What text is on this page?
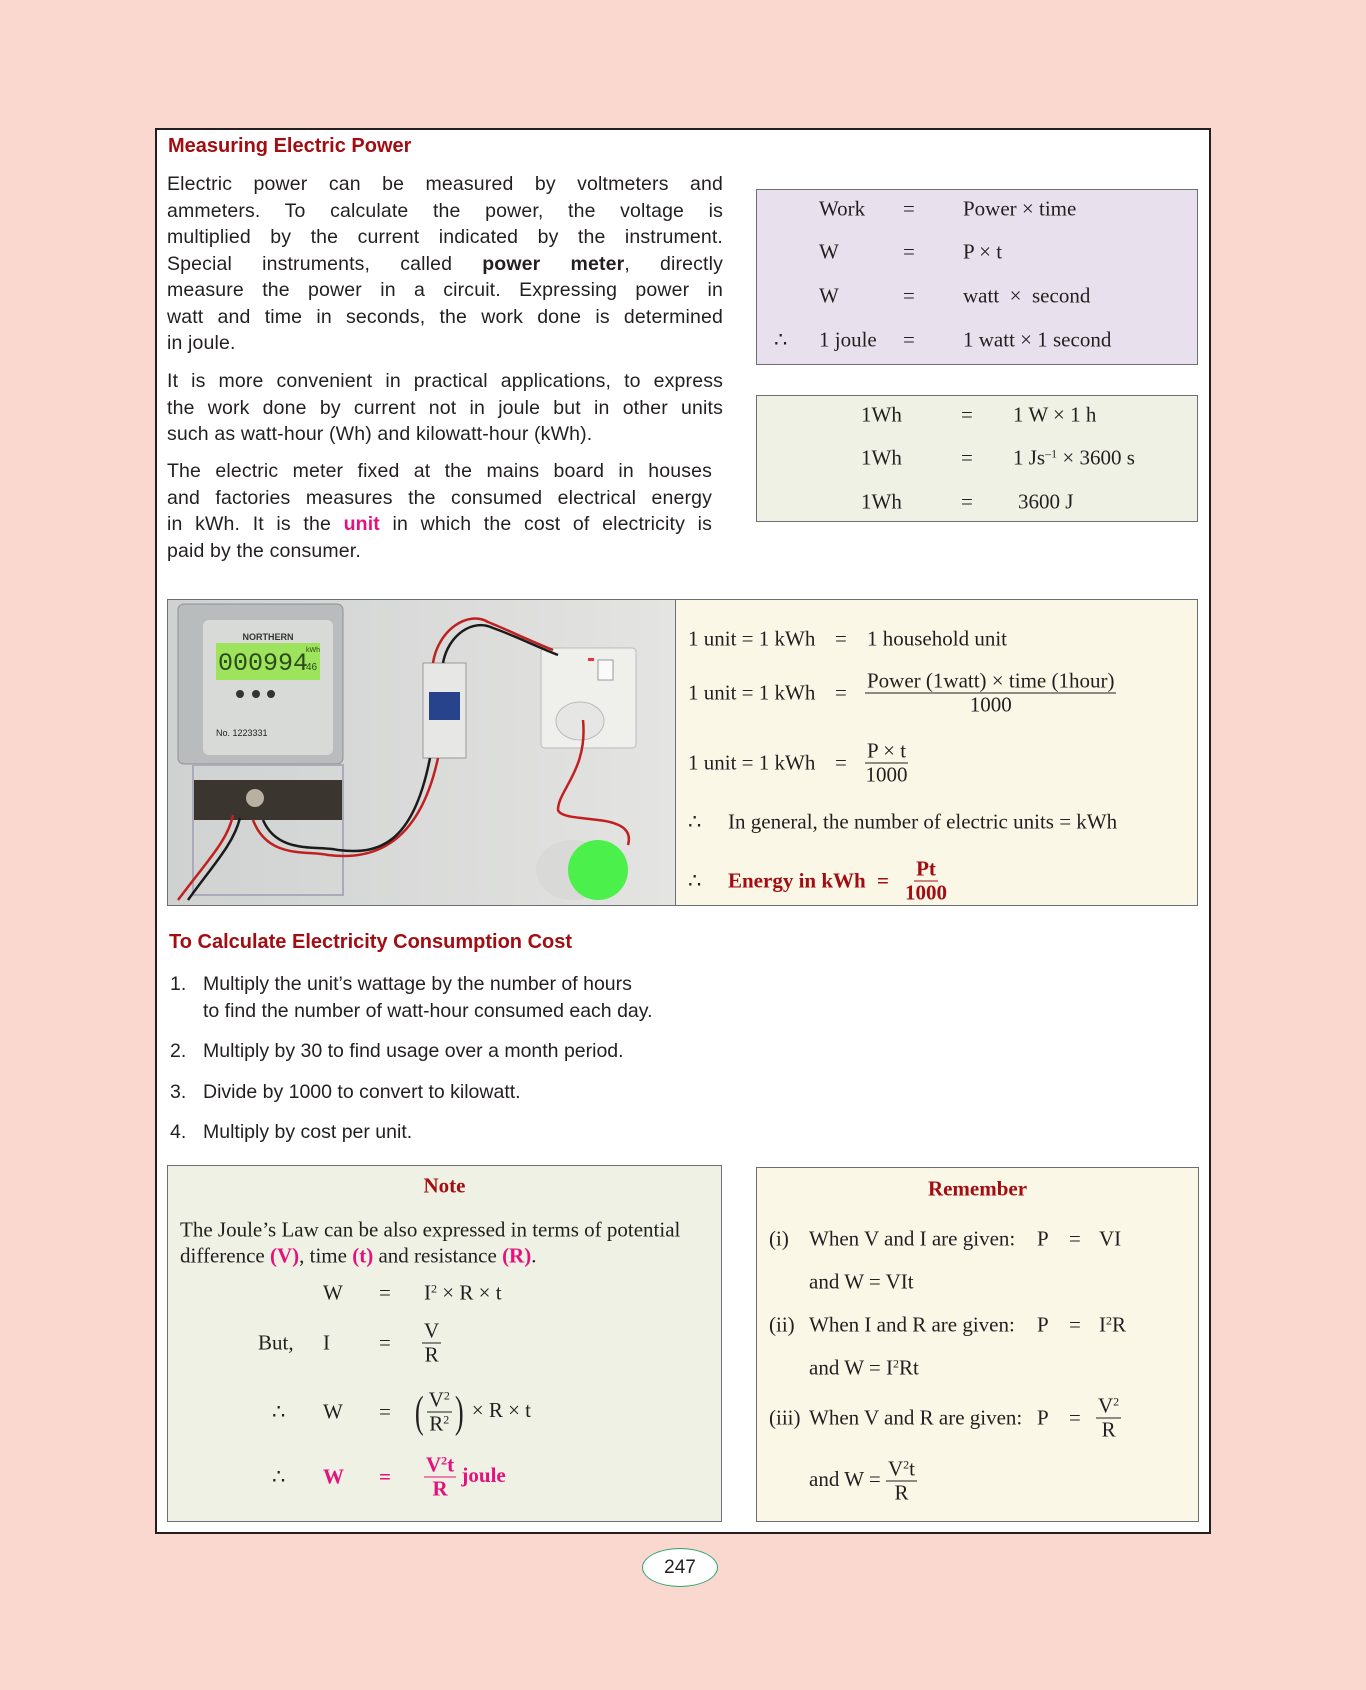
Measuring Electric Power
Electric power can be measured by voltmeters and
ammeters. To calculate the power, the voltage is
multiplied by the current indicated by the instrument.
Special instruments, called power meter, directly
measure the power in a circuit. Expressing power in
watt and time in seconds, the work done is determined
in joule.
It is more convenient in practical applications, to express
the work done by current not in joule but in other units
such as watt-hour (Wh) and kilowatt-hour (kWh).
The electric meter fixed at the mains board in houses
and factories measures the consumed electrical energy
in kWh. It is the unit in which the cost of electricity is
paid by the consumer.
∴
Work = Power × time
W	= P × t
W	= watt  ×  second
1 joule = 1 watt × 1 second
1Wh	= 1 W × 1 h
1Wh	= 1 $Js^{-1} \times 3600$ s
1Wh	= 3600 J
NORTHERN
000994
46
kWh
No. 1223331
1 unit = 1 kWh = 1 household unit
1 unit = 1 kWh = $\frac{\text{Power (1watt) × time (1hour)}}{1000}$
1 unit = 1 kWh = $\frac{P \times t}{1000}$
∴ In general, the number of electric units = kWh
∴ Energy in kWh = $\frac{Pt}{1000}$
To Calculate Electricity Consumption Cost
1. Multiply the unit’s wattage by the number of hours
to find the number of watt-hour consumed each day.
2. Multiply by 30 to find usage over a month period.
3. Divide by 1000 to convert to kilowatt.
4. Multiply by cost per unit.
Note
The Joule’s Law can be also expressed in terms of potential
difference (V), time (t) and resistance (R).
$W = I^2 \times R \times t$
But, $I = \frac{V}{R}$
∴ W = ( $\frac{V^2}{R^2}$ ) × R × t
∴ $W = \frac{V^2t}{R}$ joule
Remember
(i) When V and I are given: P = VI
and W = VIt
(ii) When I and R are given: $P = I^2R$
and $W = I^2Rt$
(iii) When V and R are given: $P = \frac{V^2}{R}$
and $W = \frac{V^2t}{R}$
247
